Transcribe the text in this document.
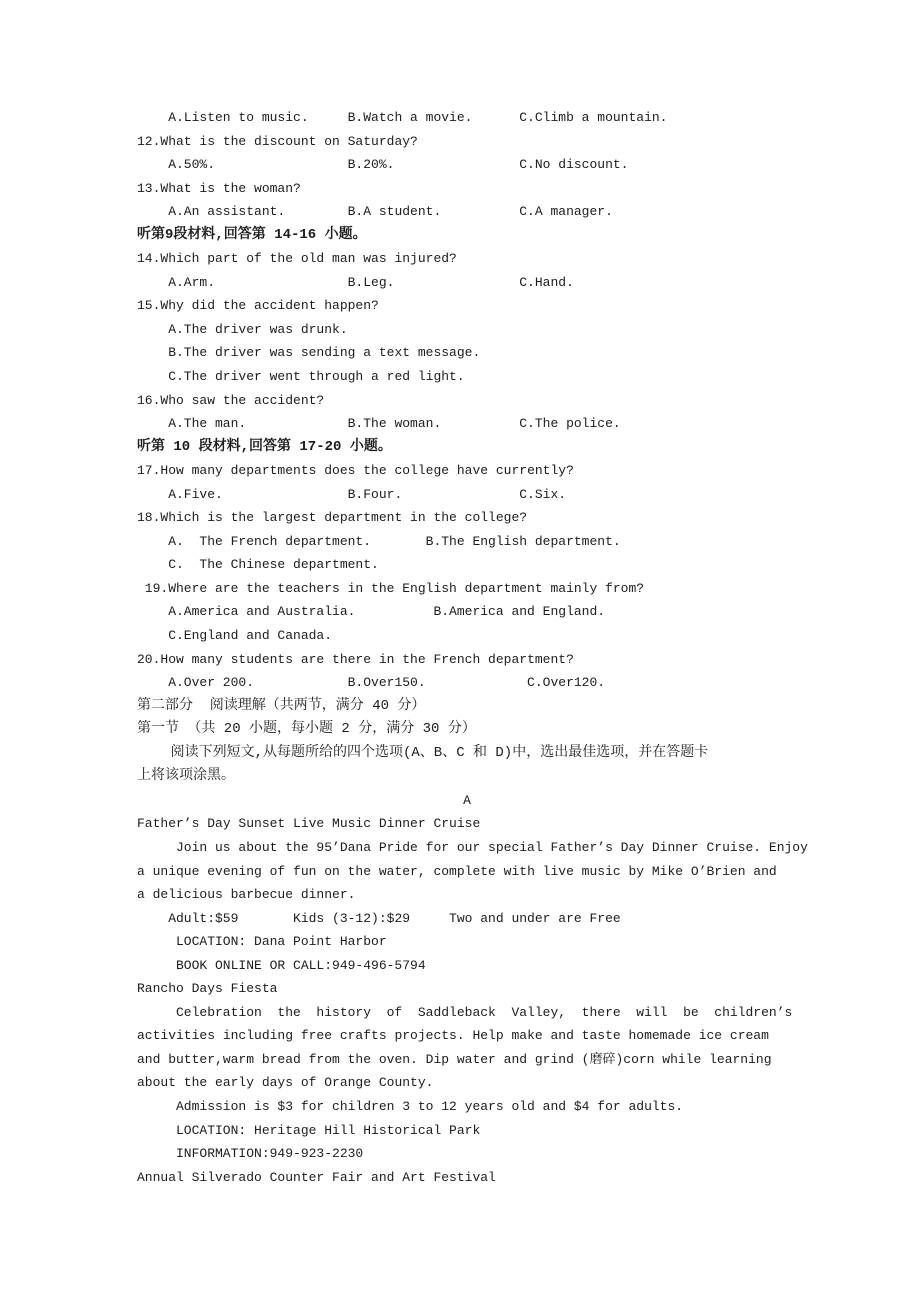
A.Listen to music.     B.Watch a movie.      C.Climb a mountain.
12.What is the discount on Saturday?
A.50%.                 B.20%.                C.No discount.
13.What is the woman?
A.An assistant.        B.A student.          C.A manager.
听第9段材料,回答第 14-16 小题。
14.Which part of the old man was injured?
A.Arm.                 B.Leg.                C.Hand.
15.Why did the accident happen?
A.The driver was drunk.
B.The driver was sending a text message.
C.The driver went through a red light.
16.Who saw the accident?
A.The man.             B.The woman.          C.The police.
听第 10 段材料,回答第 17-20 小题。
17.How many departments does the college have currently?
A.Five.                B.Four.               C.Six.
18.Which is the largest department in the college?
A.  The French department.       B.The English department.
C.  The Chinese department.
19.Where are the teachers in the English department mainly from?
A.America and Australia.          B.America and England.
C.England and Canada.
20.How many students are there in the French department?
A.Over 200.            B.Over150.             C.Over120.
第二部分  阅读理解（共两节，满分 40 分）
第一节 （共 20 小题，每小题 2 分，满分 30 分）
阅读下列短文,从每题所给的四个选项(A、B、C 和 D)中，选出最佳选项，并在答题卡
上将该项涂黑。
A
Father’s Day Sunset Live Music Dinner Cruise
Join us about the 95’Dana Pride for our special Father’s Day Dinner Cruise. Enjoy
a unique evening of fun on the water, complete with live music by Mike O’Brien and
a delicious barbecue dinner.
Adult:$59       Kids (3-12):$29     Two and under are Free
LOCATION: Dana Point Harbor
BOOK ONLINE OR CALL:949-496-5794
Rancho Days Fiesta
Celebration  the  history  of  Saddleback  Valley,  there  will  be  children’s
activities including free crafts projects. Help make and taste homemade ice cream
and butter,warm bread from the oven. Dip water and grind (磨碎)corn while learning
about the early days of Orange County.
Admission is $3 for children 3 to 12 years old and $4 for adults.
LOCATION: Heritage Hill Historical Park
INFORMATION:949-923-2230
Annual Silverado Counter Fair and Art Festival
